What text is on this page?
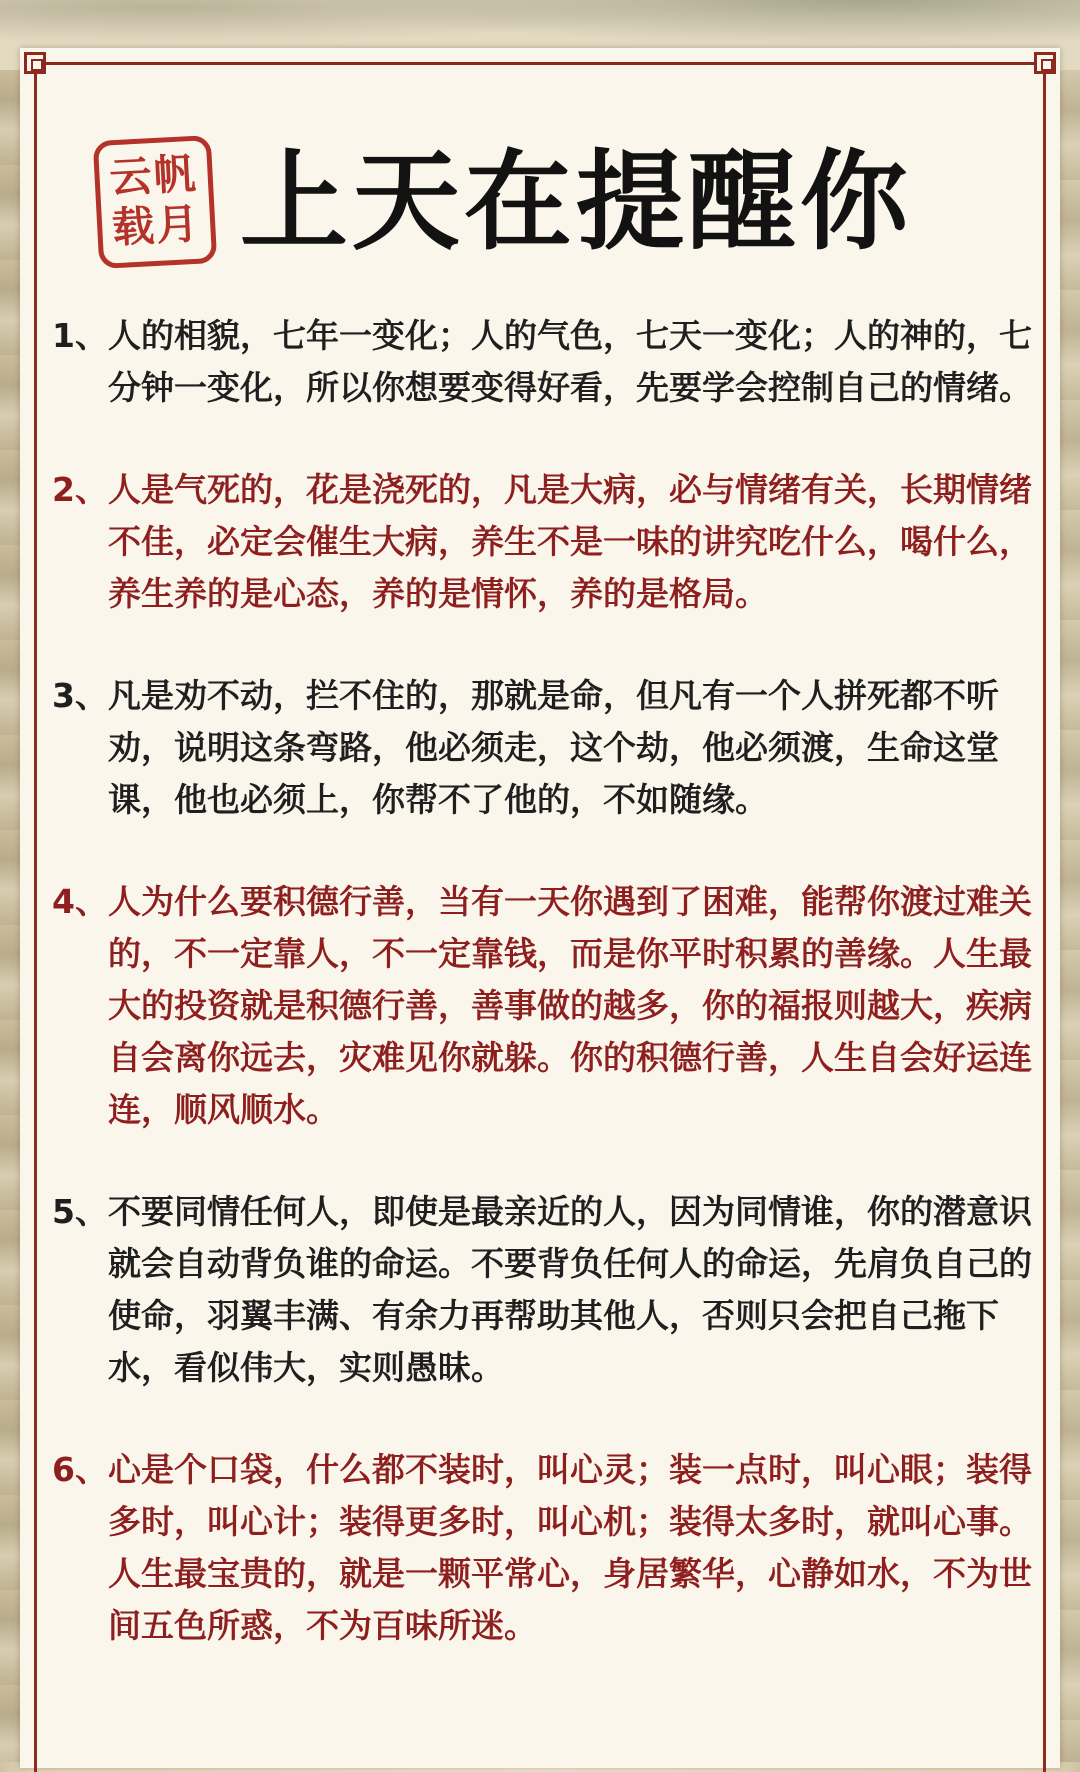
云帆
载月 上天在提醒你
1、 人的相貌，七年一变化；人的气色，七天一变化；人的神的，七分钟一变化，所以你想要变得好看，先要学会控制自己的情绪。
2、 人是气死的，花是浇死的，凡是大病，必与情绪有关，长期情绪不佳，必定会催生大病，养生不是一味的讲究吃什么，喝什么，养生养的是心态，养的是情怀，养的是格局。
3、 凡是劝不动，拦不住的，那就是命，但凡有一个人拼死都不听劝，说明这条弯路，他必须走，这个劫，他必须渡，生命这堂课，他也必须上，你帮不了他的，不如随缘。
4、 人为什么要积德行善，当有一天你遇到了困难，能帮你渡过难关的，不一定靠人，不一定靠钱，而是你平时积累的善缘。人生最大的投资就是积德行善，善事做的越多，你的福报则越大，疾病自会离你远去，灾难见你就躲。你的积德行善，人生自会好运连连，顺风顺水。
5、 不要同情任何人，即使是最亲近的人，因为同情谁，你的潜意识就会自动背负谁的命运。不要背负任何人的命运，先肩负自己的使命，羽翼丰满、有余力再帮助其他人，否则只会把自己拖下水，看似伟大，实则愚昧。
6、 心是个口袋，什么都不装时，叫心灵；装一点时，叫心眼；装得多时，叫心计；装得更多时，叫心机；装得太多时，就叫心事。人生最宝贵的，就是一颗平常心，身居繁华，心静如水，不为世间五色所惑，不为百味所迷。
